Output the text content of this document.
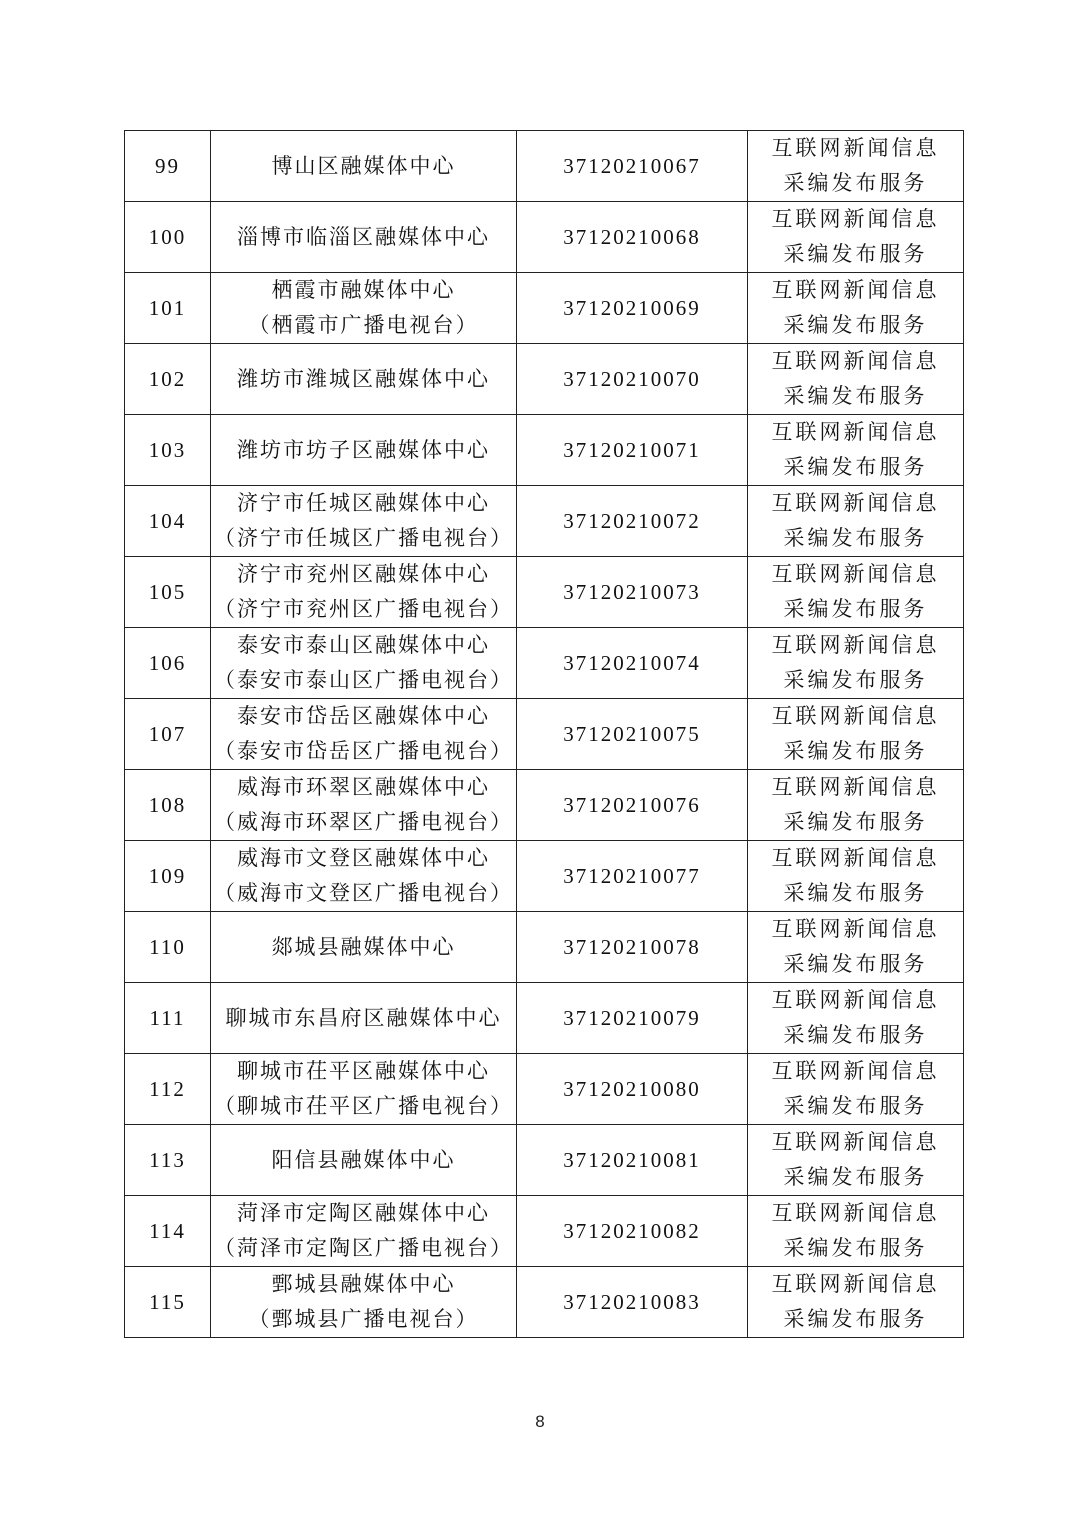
99	博山区融媒体中心	37120210067	互联网新闻信息
采编发布服务

100	淄博市临淄区融媒体中心	37120210068	互联网新闻信息
采编发布服务

101	栖霞市融媒体中心
（栖霞市广播电视台）	37120210069	互联网新闻信息
采编发布服务

102	潍坊市潍城区融媒体中心	37120210070	互联网新闻信息
采编发布服务

103	潍坊市坊子区融媒体中心	37120210071	互联网新闻信息
采编发布服务

104	济宁市任城区融媒体中心
（济宁市任城区广播电视台）	37120210072	互联网新闻信息
采编发布服务

105	济宁市兖州区融媒体中心
（济宁市兖州区广播电视台）	37120210073	互联网新闻信息
采编发布服务

106	泰安市泰山区融媒体中心
（泰安市泰山区广播电视台）	37120210074	互联网新闻信息
采编发布服务

107	泰安市岱岳区融媒体中心
（泰安市岱岳区广播电视台）	37120210075	互联网新闻信息
采编发布服务

108	威海市环翠区融媒体中心
（威海市环翠区广播电视台）	37120210076	互联网新闻信息
采编发布服务

109	威海市文登区融媒体中心
（威海市文登区广播电视台）	37120210077	互联网新闻信息
采编发布服务

110	郯城县融媒体中心	37120210078	互联网新闻信息
采编发布服务

111	聊城市东昌府区融媒体中心	37120210079	互联网新闻信息
采编发布服务

112	聊城市茌平区融媒体中心
（聊城市茌平区广播电视台）	37120210080	互联网新闻信息
采编发布服务

113	阳信县融媒体中心	37120210081	互联网新闻信息
采编发布服务

114	菏泽市定陶区融媒体中心
（菏泽市定陶区广播电视台）	37120210082	互联网新闻信息
采编发布服务

115	鄄城县融媒体中心
（鄄城县广播电视台）	37120210083	互联网新闻信息
采编发布服务
8
